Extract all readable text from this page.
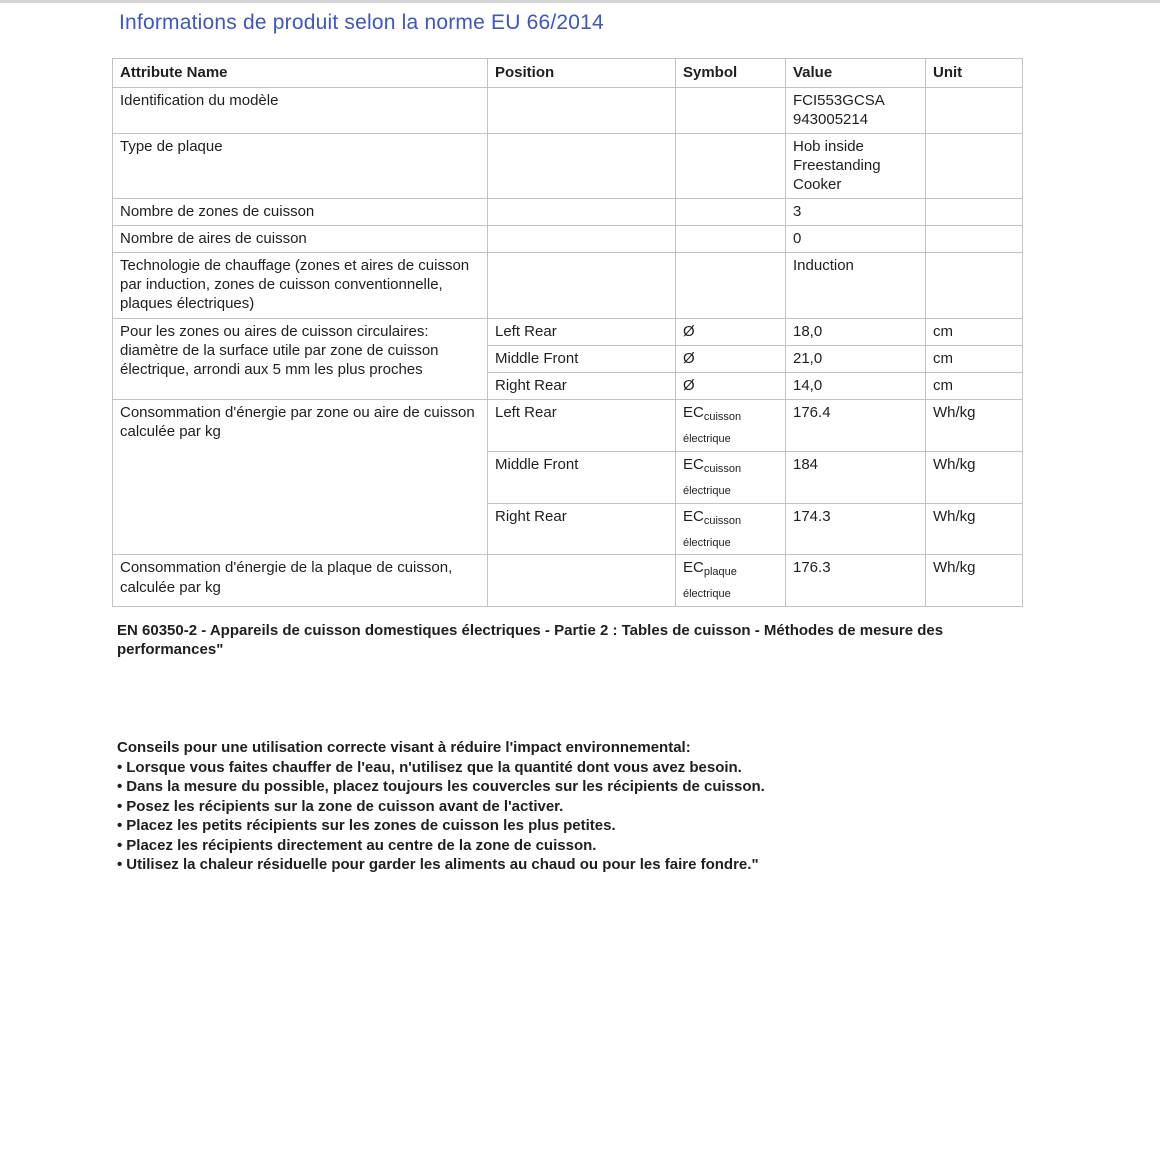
Informations de produit selon la norme EU 66/2014
Attribute Name	Position	Symbol	Value	Unit
Identification du modèle			FCI553GCSA 943005214	
Type de plaque			Hob inside Freestanding Cooker	
Nombre de zones de cuisson			3	
Nombre de aires de cuisson			0	
Technologie de chauffage (zones et aires de cuisson par induction, zones de cuisson conventionnelle, plaques électriques)			Induction	
Pour les zones ou aires de cuisson circulaires: diamètre de la surface utile par zone de cuisson électrique, arrondi aux 5 mm les plus proches	Left Rear	Ø	18,0	cm
	Middle Front	Ø	21,0	cm
	Right Rear	Ø	14,0	cm
Consommation d'énergie par zone ou aire de cuisson calculée par kg	Left Rear	$EC_{cuisson électrique}$	176.4	Wh/kg
	Middle Front	$EC_{cuisson électrique}$	184	Wh/kg
	Right Rear	$EC_{cuisson électrique}$	174.3	Wh/kg
Consommation d'énergie de la plaque de cuisson, calculée par kg		$EC_{plaque électrique}$	176.3	Wh/kg
EN 60350-2 - Appareils de cuisson domestiques électriques - Partie 2 : Tables de cuisson - Méthodes de mesure des performances"
Conseils pour une utilisation correcte visant à réduire l'impact environnemental:
• Lorsque vous faites chauffer de l'eau, n'utilisez que la quantité dont vous avez besoin.
• Dans la mesure du possible, placez toujours les couvercles sur les récipients de cuisson.
• Posez les récipients sur la zone de cuisson avant de l'activer.
• Placez les petits récipients sur les zones de cuisson les plus petites.
• Placez les récipients directement au centre de la zone de cuisson.
• Utilisez la chaleur résiduelle pour garder les aliments au chaud ou pour les faire fondre."
